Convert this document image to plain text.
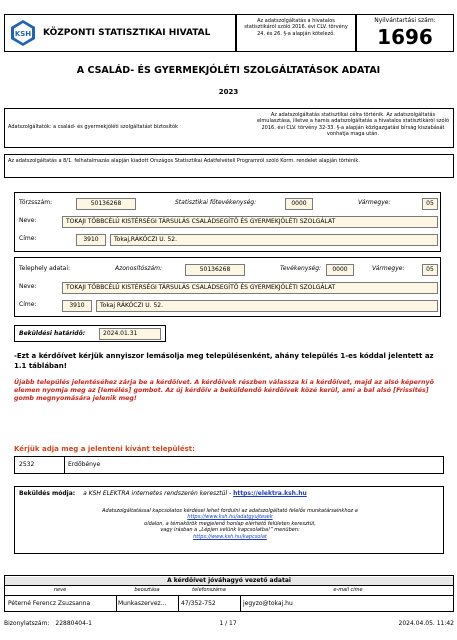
KSH KÖZPONTI STATISZTIKAI HIVATAL
Az adatszolgáltatás a hivatalos statisztikáról szóló 2016. évi CLV. törvény 24. és 26. §-a alapján kötelező.
Nyilvántartási szám:
1696
A CSALÁD- ÉS GYERMEKJÓLÉTI SZOLGÁLTATÁSOK ADATAI
2023
Adatszolgáltatók: a család- és gyermekjóléti szolgáltatást biztosítók
Az adatszolgáltatás statisztikai célra történik. Az adatszolgáltatás elmulasztása, illetve a hamis adatszolgáltatás a hivatalos statisztikáról szóló 2016. évi CLV. törvény 32-33. §-a alapján közigazgatási bírság kiszabását vonhatja maga után.
Az adatszolgáltatás a 8/1. felhatalmazás alapján kiadott Országos Statisztikai Adatfelvételi Programról szóló Korm. rendelet alapján történik.
Törzsszám:	50136268	Statisztikai főtevékenység:	0000	Vármegye:	05
Neve:	TOKAJI TÖBBCÉLÚ KISTÉRSÉGI TÁRSULÁS CSALÁDSEGÍTŐ ÉS GYERMEKJÓLÉTI SZOLGÁLAT
Címe:	3910	Tokaj,RÁKÓCZI U. 52.
Telephely adatai:	Azonosítószám:	50136268	Tevékenység:	0000	Vármegye:	05
Neve:	TOKAJI TÖBBCÉLÚ KISTÉRSÉGI TÁRSULÁS CSALÁDSEGÍTŐ ÉS GYERMEKJÓLÉTI SZOLGÁLAT
Címe:	3910	Tokaj RÁKÓCZI U. 52.
Beküldési határidő:	2024.01.31
-Ezt a kérdőívet kérjük annyiszor lemásolja meg településenként, ahány település 1-es kóddal jelentett az 1.1 táblában!
Újabb település jelentéséhez zárja be a kérdőívet. A kérdőívek részben válassza ki a kérdőívet, majd az alsó képernyő elemen nyomja meg az [Iemélés] gombot. Az új kérdőív a beküldendő kérdőívek közé kerül, ami a bal alsó [Frissítés] gomb megnyomására jelenik meg!
Kérjük adja meg a jelenteni kívánt települést:
2532	Erdőbénye
Beküldés módja: a KSH ELEKTRA internetes rendszerén keresztül - https://elektra.ksh.hu
Adatszolgáltatással kapcsolatos kérdései lehet fordulni az adatszolgáltató felelős munkatársainkhoz a
https://www.ksh.hu/adatgyujtesek
oldalon, a témakörök megjelenő honlap elérhető felületen keresztül,
vagy írásban a „Lépjen velünk kapcsolatba!” menüben:
https://www.ksh.hu/kapcsolat
A kérdőívet jóváhagyó vezető adatai
neve	beosztása	telefonszáma	e-mail címe
Péterné Ferencz Zsuzsanna	Munkaszervez...	47/352-752	jegyzo@tokaj.hu
Bizonylatszám: 22880404-1	1 / 17	2024.04.05. 11:42
